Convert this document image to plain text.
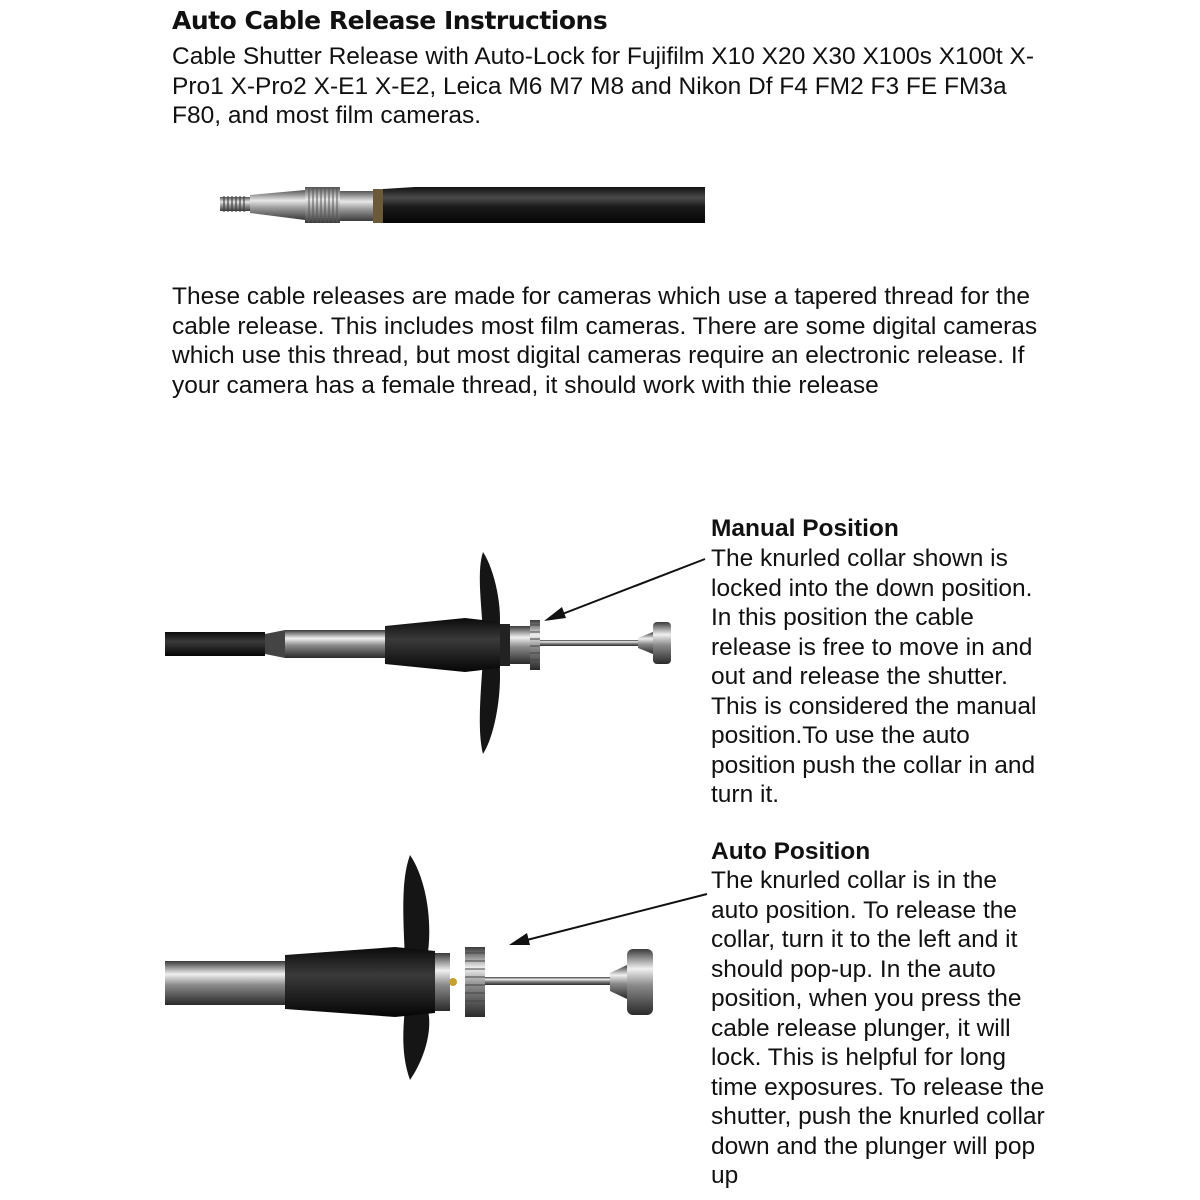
Auto Cable Release Instructions
Cable Shutter Release with Auto-Lock for Fujifilm X10 X20 X30 X100s X100t X-Pro1 X-Pro2 X-E1 X-E2, Leica M6 M7 M8 and Nikon Df F4 FM2 F3 FE FM3a F80, and most film cameras.
These cable releases are made for cameras which use a tapered thread for the cable release. This includes most film cameras. There are some digital cameras which use this thread, but most digital cameras require an electronic release. If your camera has a female thread, it should work with thie release
Manual Position
The knurled collar shown is locked into the down position. In this position the cable release is free to move in and out and release the shutter. This is considered the manual position.To use the auto position push the collar in and turn it.
Auto Position
The knurled collar is in the auto position. To release the collar, turn it to the left and it should pop-up. In the auto position, when you press the cable release plunger, it will lock. This is helpful for long time exposures. To release the shutter, push the knurled collar down and the plunger will pop up
